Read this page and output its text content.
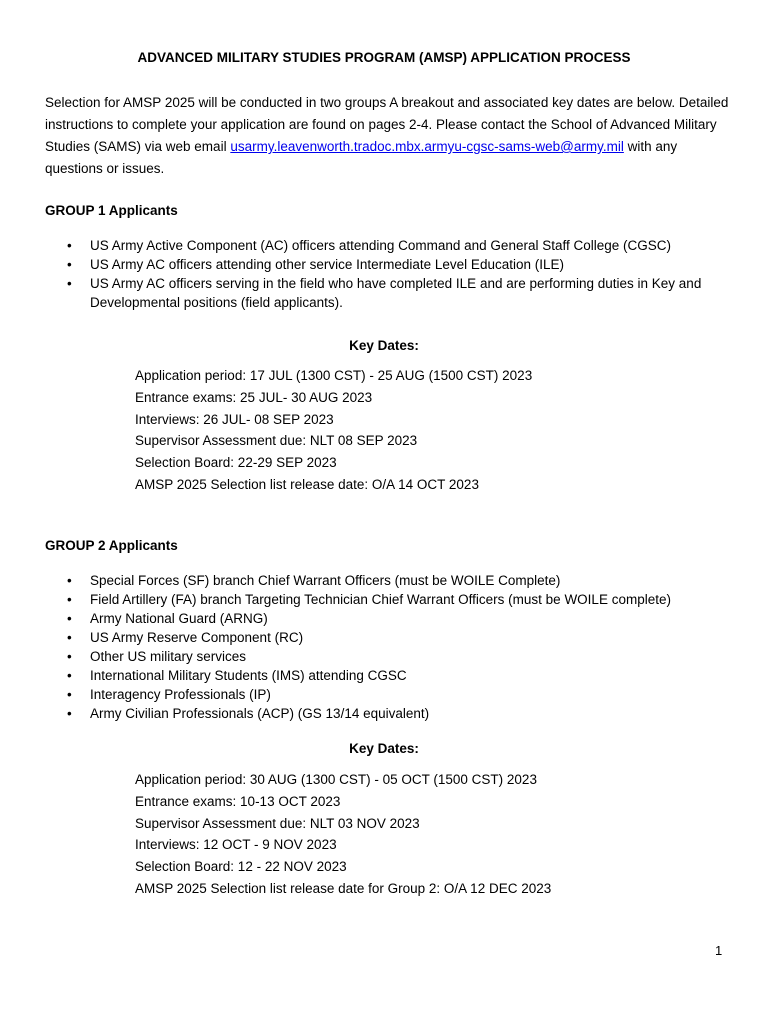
ADVANCED MILITARY STUDIES PROGRAM (AMSP) APPLICATION PROCESS
Selection for AMSP 2025 will be conducted in two groups A breakout and associated key dates are below. Detailed instructions to complete your application are found on pages 2-4. Please contact the School of Advanced Military Studies (SAMS) via web email usarmy.leavenworth.tradoc.mbx.armyu-cgsc-sams-web@army.mil with any questions or issues.
GROUP 1 Applicants
• US Army Active Component (AC) officers attending Command and General Staff College (CGSC)
• US Army AC officers attending other service Intermediate Level Education (ILE)
• US Army AC officers serving in the field who have completed ILE and are performing duties in Key and Developmental positions (field applicants).
Key Dates:
Application period: 17 JUL (1300 CST) - 25 AUG (1500 CST) 2023
Entrance exams: 25 JUL- 30 AUG 2023
Interviews: 26 JUL- 08 SEP 2023
Supervisor Assessment due: NLT 08 SEP 2023
Selection Board: 22-29 SEP 2023
AMSP 2025 Selection list release date: O/A 14 OCT 2023
GROUP 2 Applicants
• Special Forces (SF) branch Chief Warrant Officers (must be WOILE Complete)
• Field Artillery (FA) branch Targeting Technician Chief Warrant Officers (must be WOILE complete)
• Army National Guard (ARNG)
• US Army Reserve Component (RC)
• Other US military services
• International Military Students (IMS) attending CGSC
• Interagency Professionals (IP)
• Army Civilian Professionals (ACP) (GS 13/14 equivalent)
Key Dates:
Application period: 30 AUG (1300 CST) - 05 OCT (1500 CST) 2023
Entrance exams: 10-13 OCT 2023
Supervisor Assessment due: NLT 03 NOV 2023
Interviews: 12 OCT - 9 NOV 2023
Selection Board: 12 - 22 NOV 2023
AMSP 2025 Selection list release date for Group 2: O/A 12 DEC 2023
1
